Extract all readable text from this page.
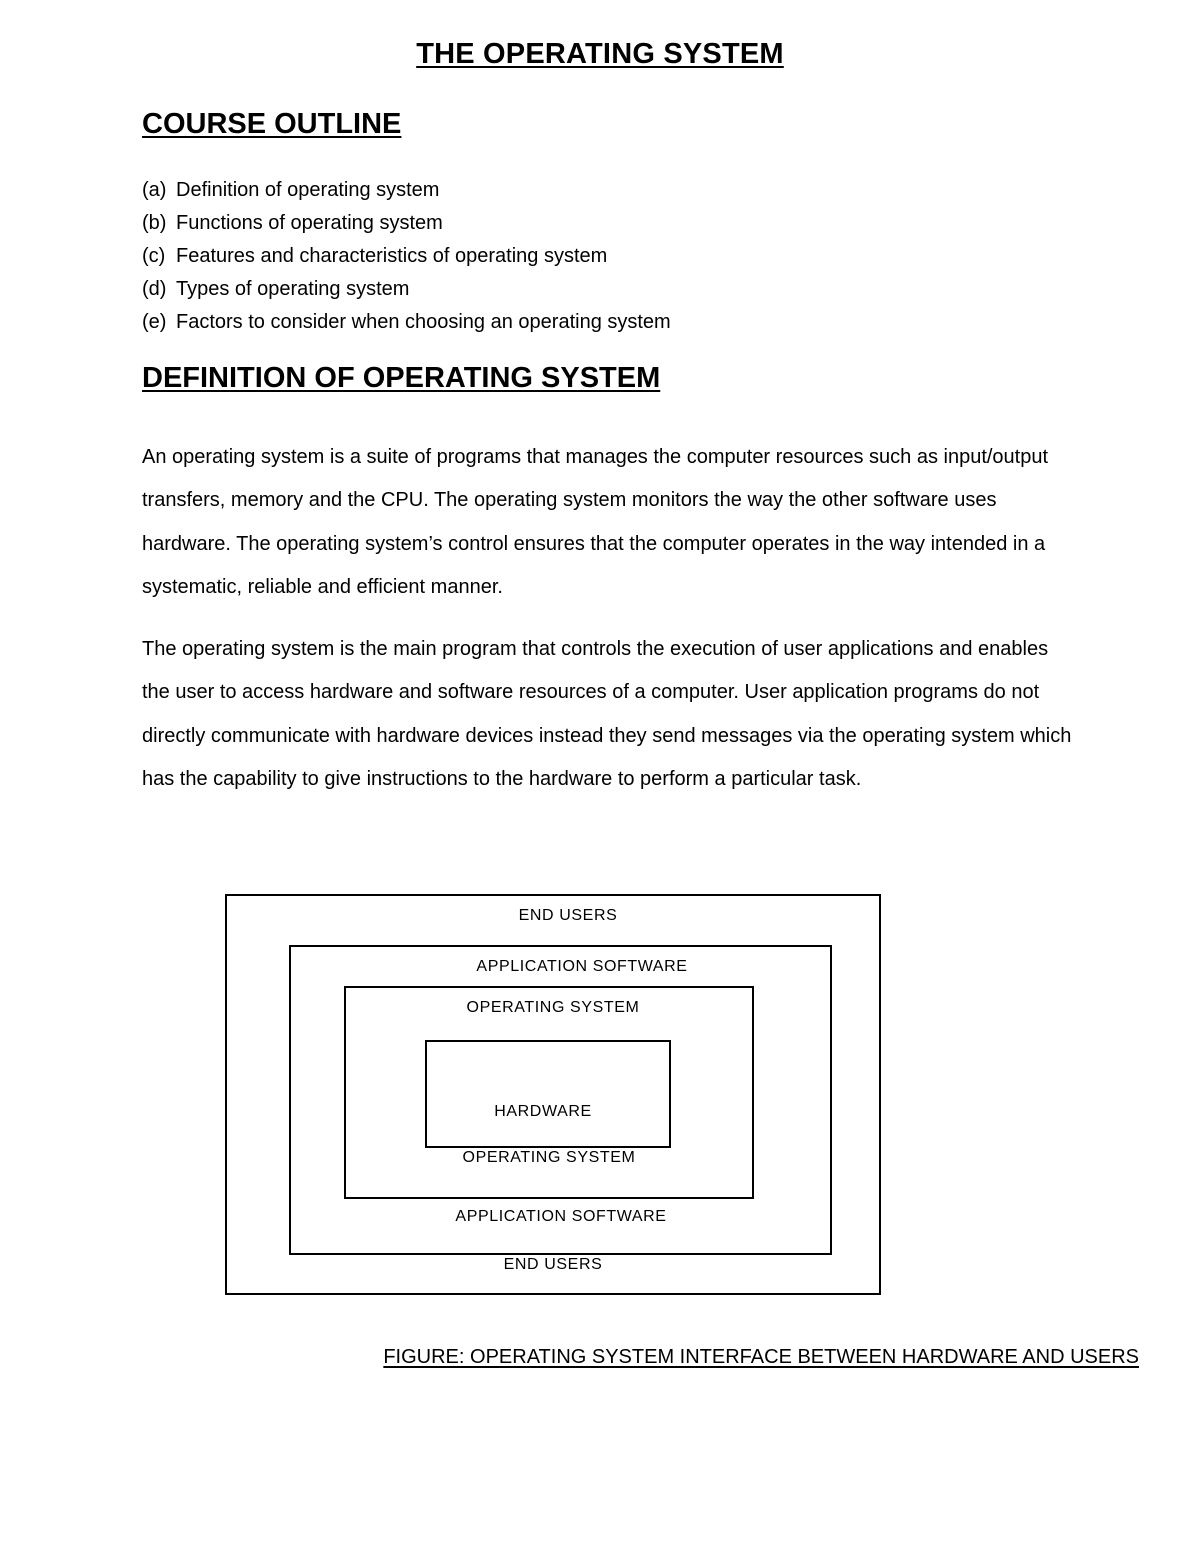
THE OPERATING SYSTEM
COURSE OUTLINE
(a) Definition of operating system
(b) Functions of operating system
(c) Features and characteristics of operating system
(d) Types of operating system
(e) Factors to consider when choosing an operating system
DEFINITION OF OPERATING SYSTEM

An operating system is a suite of programs that manages the computer resources such as input/output transfers, memory and the CPU. The operating system monitors the way the other software uses hardware. The operating system’s control ensures that the computer operates in the way intended in a systematic, reliable and efficient manner.

The operating system is the main program that controls the execution of user applications and enables the user to access hardware and software resources of a computer. User application programs do not directly communicate with hardware devices instead they send messages via the operating system which has the capability to give instructions to the hardware to perform a particular task.

END USERS
APPLICATION SOFTWARE
OPERATING SYSTEM
HARDWARE
OPERATING SYSTEM
APPLICATION SOFTWARE
END USERS

FIGURE: OPERATING SYSTEM INTERFACE BETWEEN HARDWARE AND USERS
